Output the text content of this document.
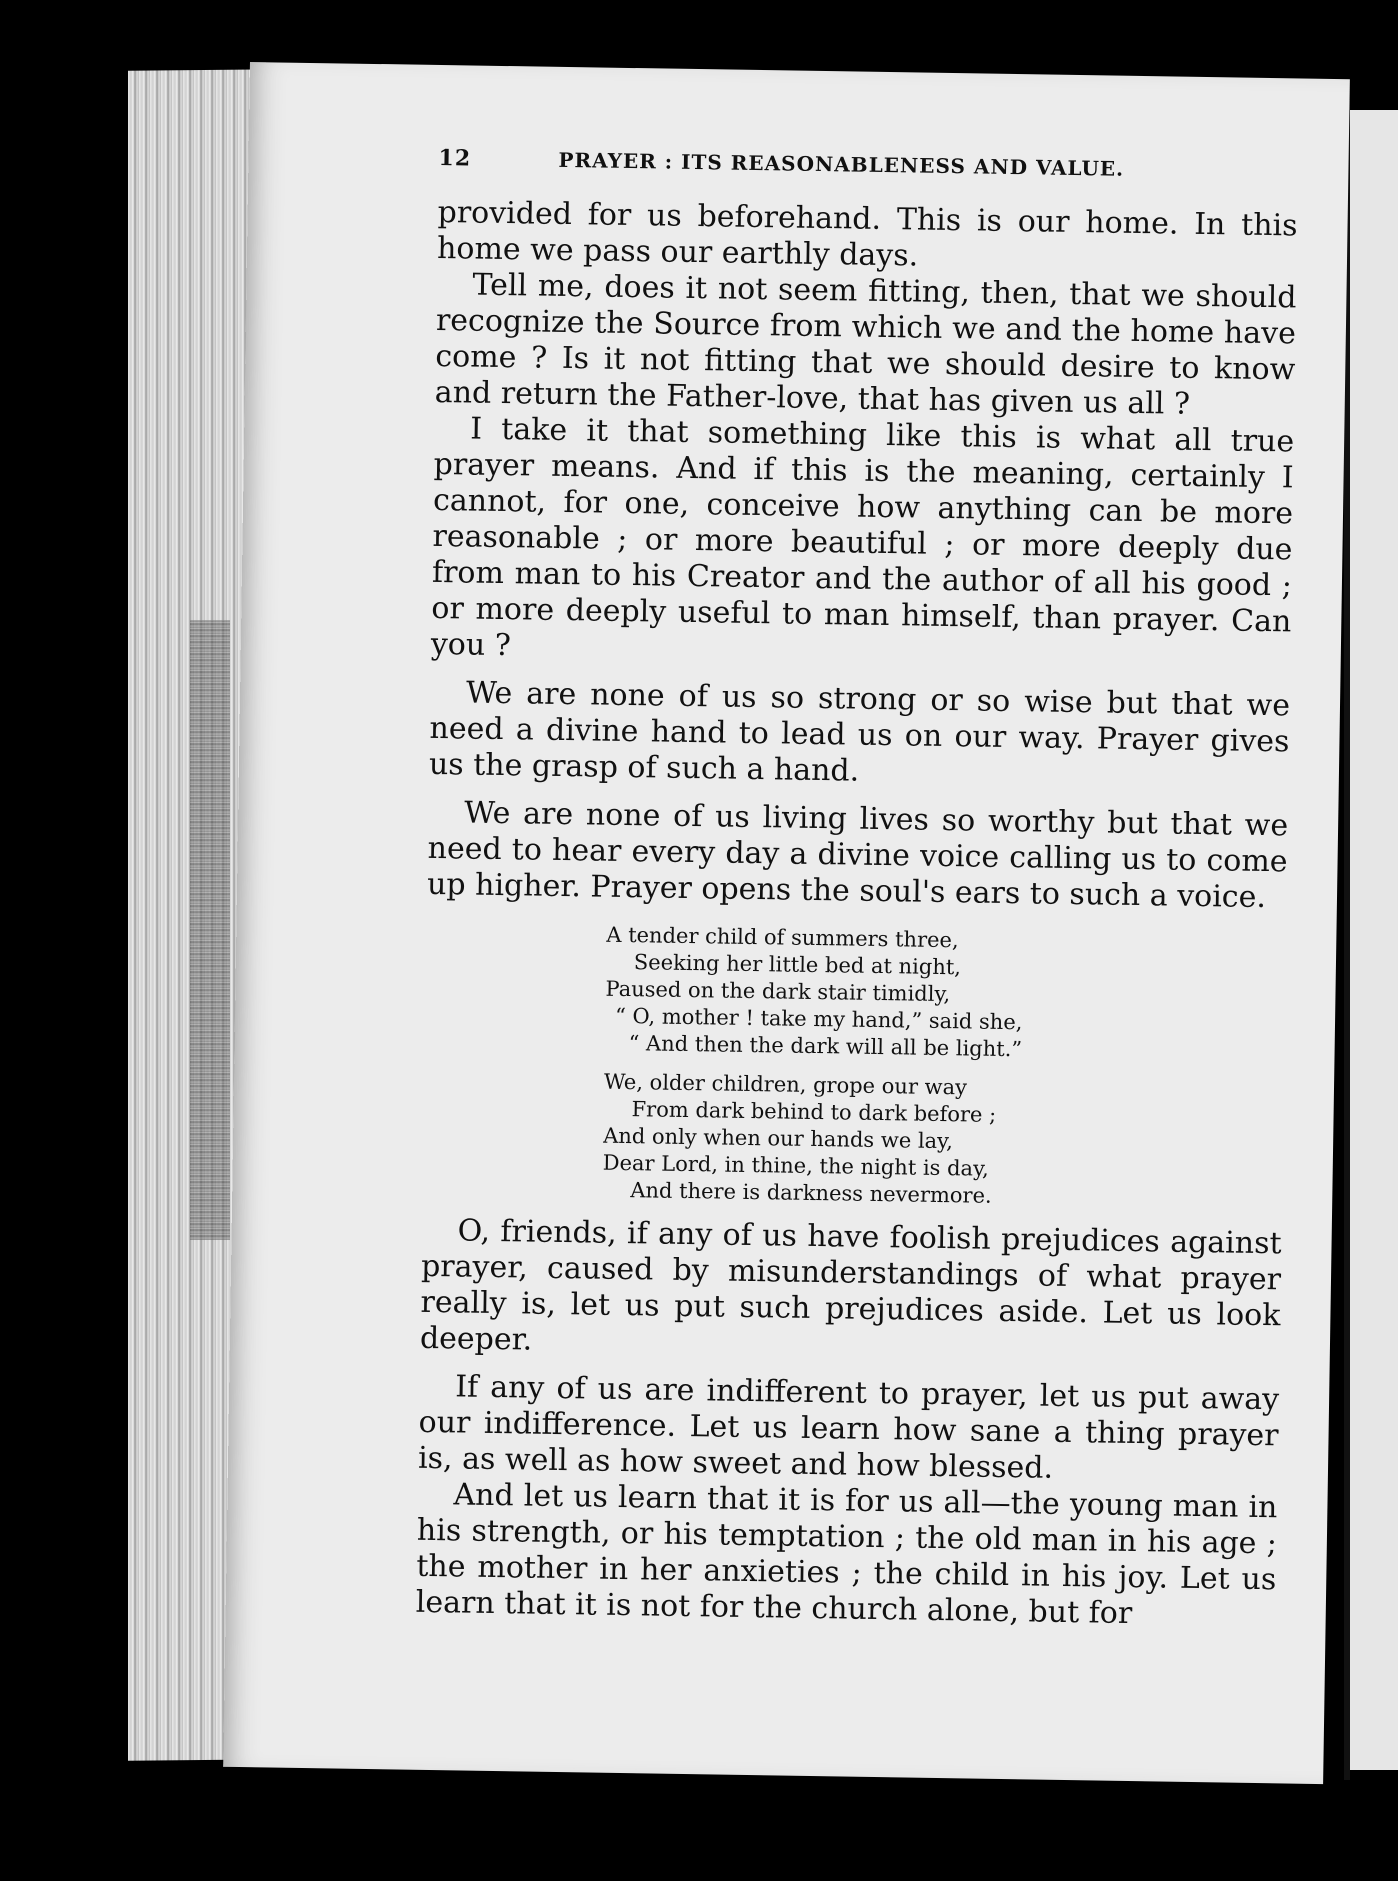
12	PRAYER : ITS REASONABLENESS AND VALUE.

provided for us beforehand. This is our home. In this home we pass our earthly days.

Tell me, does it not seem fitting, then, that we should recognize the Source from which we and the home have come ? Is it not fitting that we should desire to know and return the Father-love, that has given us all ?

I take it that something like this is what all true prayer means. And if this is the meaning, certainly I cannot, for one, conceive how anything can be more reasonable ; or more beautiful ; or more deeply due from man to his Creator and the author of all his good ; or more deeply useful to man himself, than prayer. Can you ?

We are none of us so strong or so wise but that we need a divine hand to lead us on our way. Prayer gives us the grasp of such a hand.

We are none of us living lives so worthy but that we need to hear every day a divine voice calling us to come up higher. Prayer opens the soul's ears to such a voice.

A tender child of summers three,
Seeking her little bed at night,
Paused on the dark stair timidly,
“ O, mother ! take my hand,” said she,
“ And then the dark will all be light.”
We, older children, grope our way
From dark behind to dark before ;
And only when our hands we lay,
Dear Lord, in thine, the night is day,
And there is darkness nevermore.

O, friends, if any of us have foolish prejudices against prayer, caused by misunderstandings of what prayer really is, let us put such prejudices aside. Let us look deeper.

If any of us are indifferent to prayer, let us put away our indifference. Let us learn how sane a thing prayer is, as well as how sweet and how blessed.

And let us learn that it is for us all—the young man in his strength, or his temptation ; the old man in his age ; the mother in her anxieties ; the child in his joy. Let us learn that it is not for the church alone, but for
